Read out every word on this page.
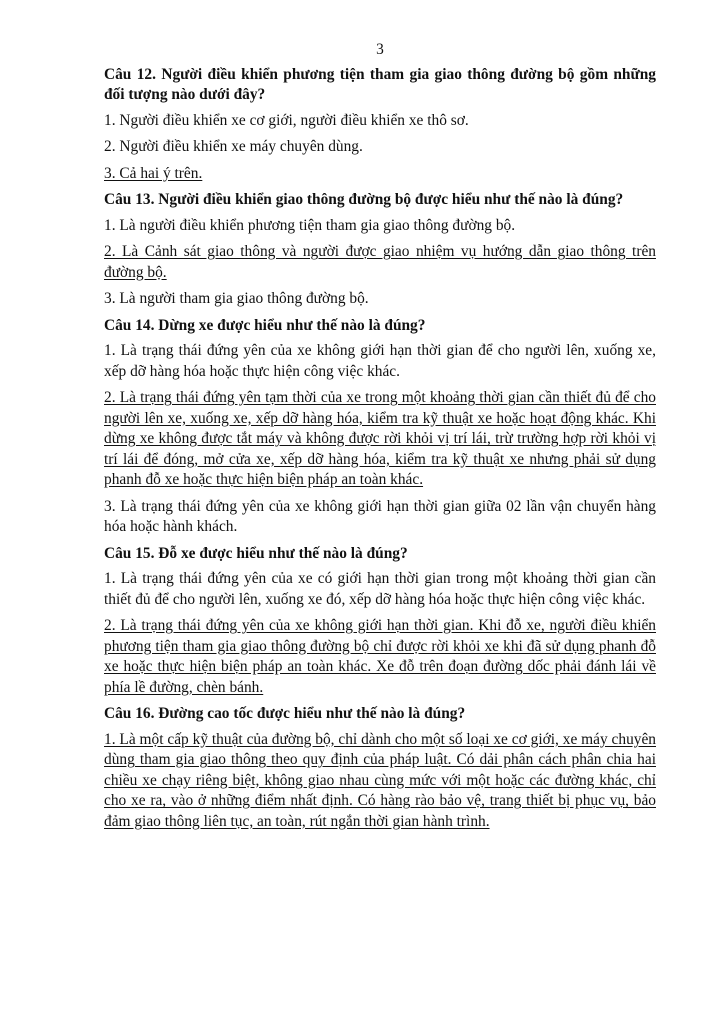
3

Câu 12. Người điều khiển phương tiện tham gia giao thông đường bộ gồm những đối tượng nào dưới đây?

1. Người điều khiển xe cơ giới, người điều khiển xe thô sơ.

2. Người điều khiển xe máy chuyên dùng.

3. Cả hai ý trên.

Câu 13. Người điều khiển giao thông đường bộ được hiểu như thế nào là đúng?

1. Là người điều khiển phương tiện tham gia giao thông đường bộ.

2. Là Cảnh sát giao thông và người được giao nhiệm vụ hướng dẫn giao thông trên đường bộ.

3. Là người tham gia giao thông đường bộ.

Câu 14. Dừng xe được hiểu như thế nào là đúng?

1. Là trạng thái đứng yên của xe không giới hạn thời gian để cho người lên, xuống xe, xếp dỡ hàng hóa hoặc thực hiện công việc khác.

2. Là trạng thái đứng yên tạm thời của xe trong một khoảng thời gian cần thiết đủ để cho người lên xe, xuống xe, xếp dỡ hàng hóa, kiểm tra kỹ thuật xe hoặc hoạt động khác. Khi dừng xe không được tắt máy và không được rời khỏi vị trí lái, trừ trường hợp rời khỏi vị trí lái để đóng, mở cửa xe, xếp dỡ hàng hóa, kiểm tra kỹ thuật xe nhưng phải sử dụng phanh đỗ xe hoặc thực hiện biện pháp an toàn khác.

3. Là trạng thái đứng yên của xe không giới hạn thời gian giữa 02 lần vận chuyển hàng hóa hoặc hành khách.

Câu 15. Đỗ xe được hiểu như thế nào là đúng?

1. Là trạng thái đứng yên của xe có giới hạn thời gian trong một khoảng thời gian cần thiết đủ để cho người lên, xuống xe đó, xếp dỡ hàng hóa hoặc thực hiện công việc khác.

2. Là trạng thái đứng yên của xe không giới hạn thời gian. Khi đỗ xe, người điều khiển phương tiện tham gia giao thông đường bộ chỉ được rời khỏi xe khi đã sử dụng phanh đỗ xe hoặc thực hiện biện pháp an toàn khác. Xe đỗ trên đoạn đường dốc phải đánh lái về phía lề đường, chèn bánh.

Câu 16. Đường cao tốc được hiểu như thế nào là đúng?

1. Là một cấp kỹ thuật của đường bộ, chỉ dành cho một số loại xe cơ giới, xe máy chuyên dùng tham gia giao thông theo quy định của pháp luật. Có dải phân cách phân chia hai chiều xe chạy riêng biệt, không giao nhau cùng mức với một hoặc các đường khác, chỉ cho xe ra, vào ở những điểm nhất định. Có hàng rào bảo vệ, trang thiết bị phục vụ, bảo đảm giao thông liên tục, an toàn, rút ngắn thời gian hành trình.
